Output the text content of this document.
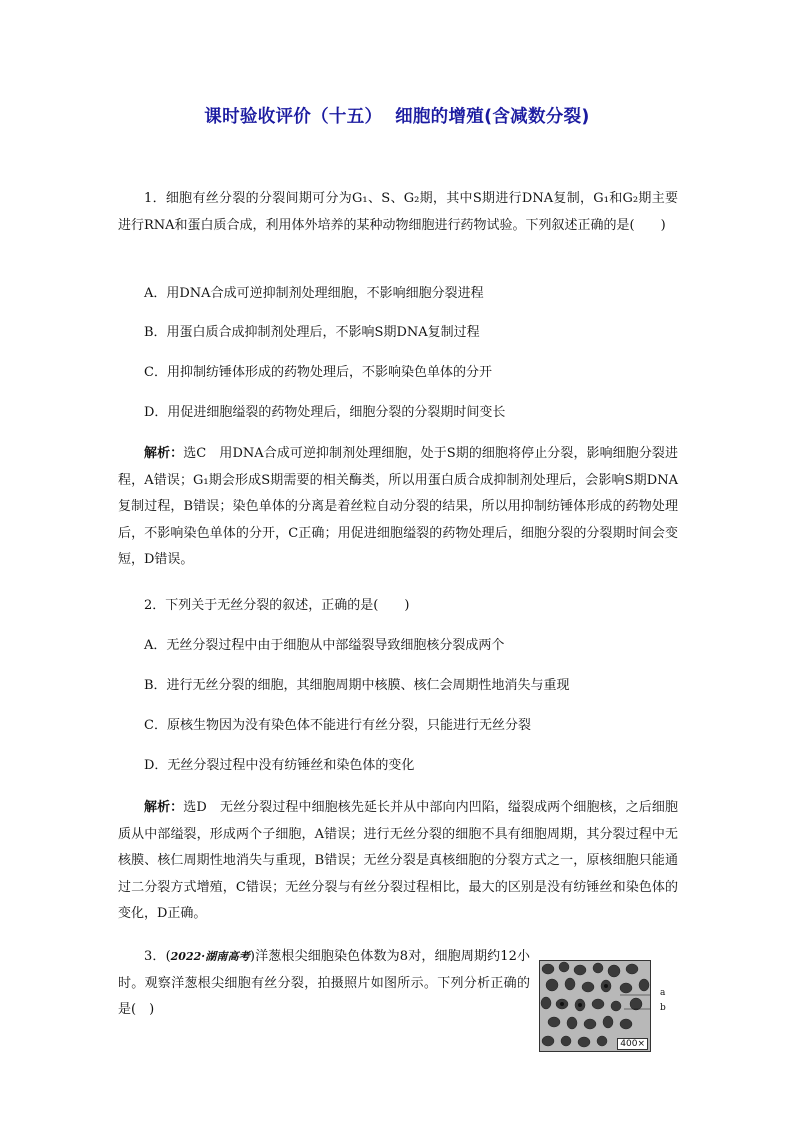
课时验收评价（十五）  细胞的增殖(含减数分裂)

1．细胞有丝分裂的分裂间期可分为G₁、S、G₂期，其中S期进行DNA复制，G₁和G₂期主要进行RNA和蛋白质合成，利用体外培养的某种动物细胞进行药物试验。下列叙述正确的是(　　)

A．用DNA合成可逆抑制剂处理细胞，不影响细胞分裂进程
B．用蛋白质合成抑制剂处理后，不影响S期DNA复制过程
C．用抑制纺锤体形成的药物处理后，不影响染色单体的分开
D．用促进细胞缢裂的药物处理后，细胞分裂的分裂期时间变长

解析：选C　用DNA合成可逆抑制剂处理细胞，处于S期的细胞将停止分裂，影响细胞分裂进程，A错误；G₁期会形成S期需要的相关酶类，所以用蛋白质合成抑制剂处理后，会影响S期DNA复制过程，B错误；染色单体的分离是着丝粒自动分裂的结果，所以用抑制纺锤体形成的药物处理后，不影响染色单体的分开，C正确；用促进细胞缢裂的药物处理后，细胞分裂的分裂期时间会变短，D错误。

2．下列关于无丝分裂的叙述，正确的是(　　)
A．无丝分裂过程中由于细胞从中部缢裂导致细胞核分裂成两个
B．进行无丝分裂的细胞，其细胞周期中核膜、核仁会周期性地消失与重现
C．原核生物因为没有染色体不能进行有丝分裂，只能进行无丝分裂
D．无丝分裂过程中没有纺锤丝和染色体的变化

解析：选D　无丝分裂过程中细胞核先延长并从中部向内凹陷，缢裂成两个细胞核，之后细胞质从中部缢裂，形成两个子细胞，A错误；进行无丝分裂的细胞不具有细胞周期，其分裂过程中无核膜、核仁周期性地消失与重现，B错误；无丝分裂是真核细胞的分裂方式之一，原核细胞只能通过二分裂方式增殖，C错误；无丝分裂与有丝分裂过程相比，最大的区别是没有纺锤丝和染色体的变化，D正确。

3．(2022·湖南高考)洋葱根尖细胞染色体数为8对，细胞周期约12小时。观察洋葱根尖细胞有丝分裂，拍摄照片如图所示。下列分析正确的是(　)

400×
a
b
